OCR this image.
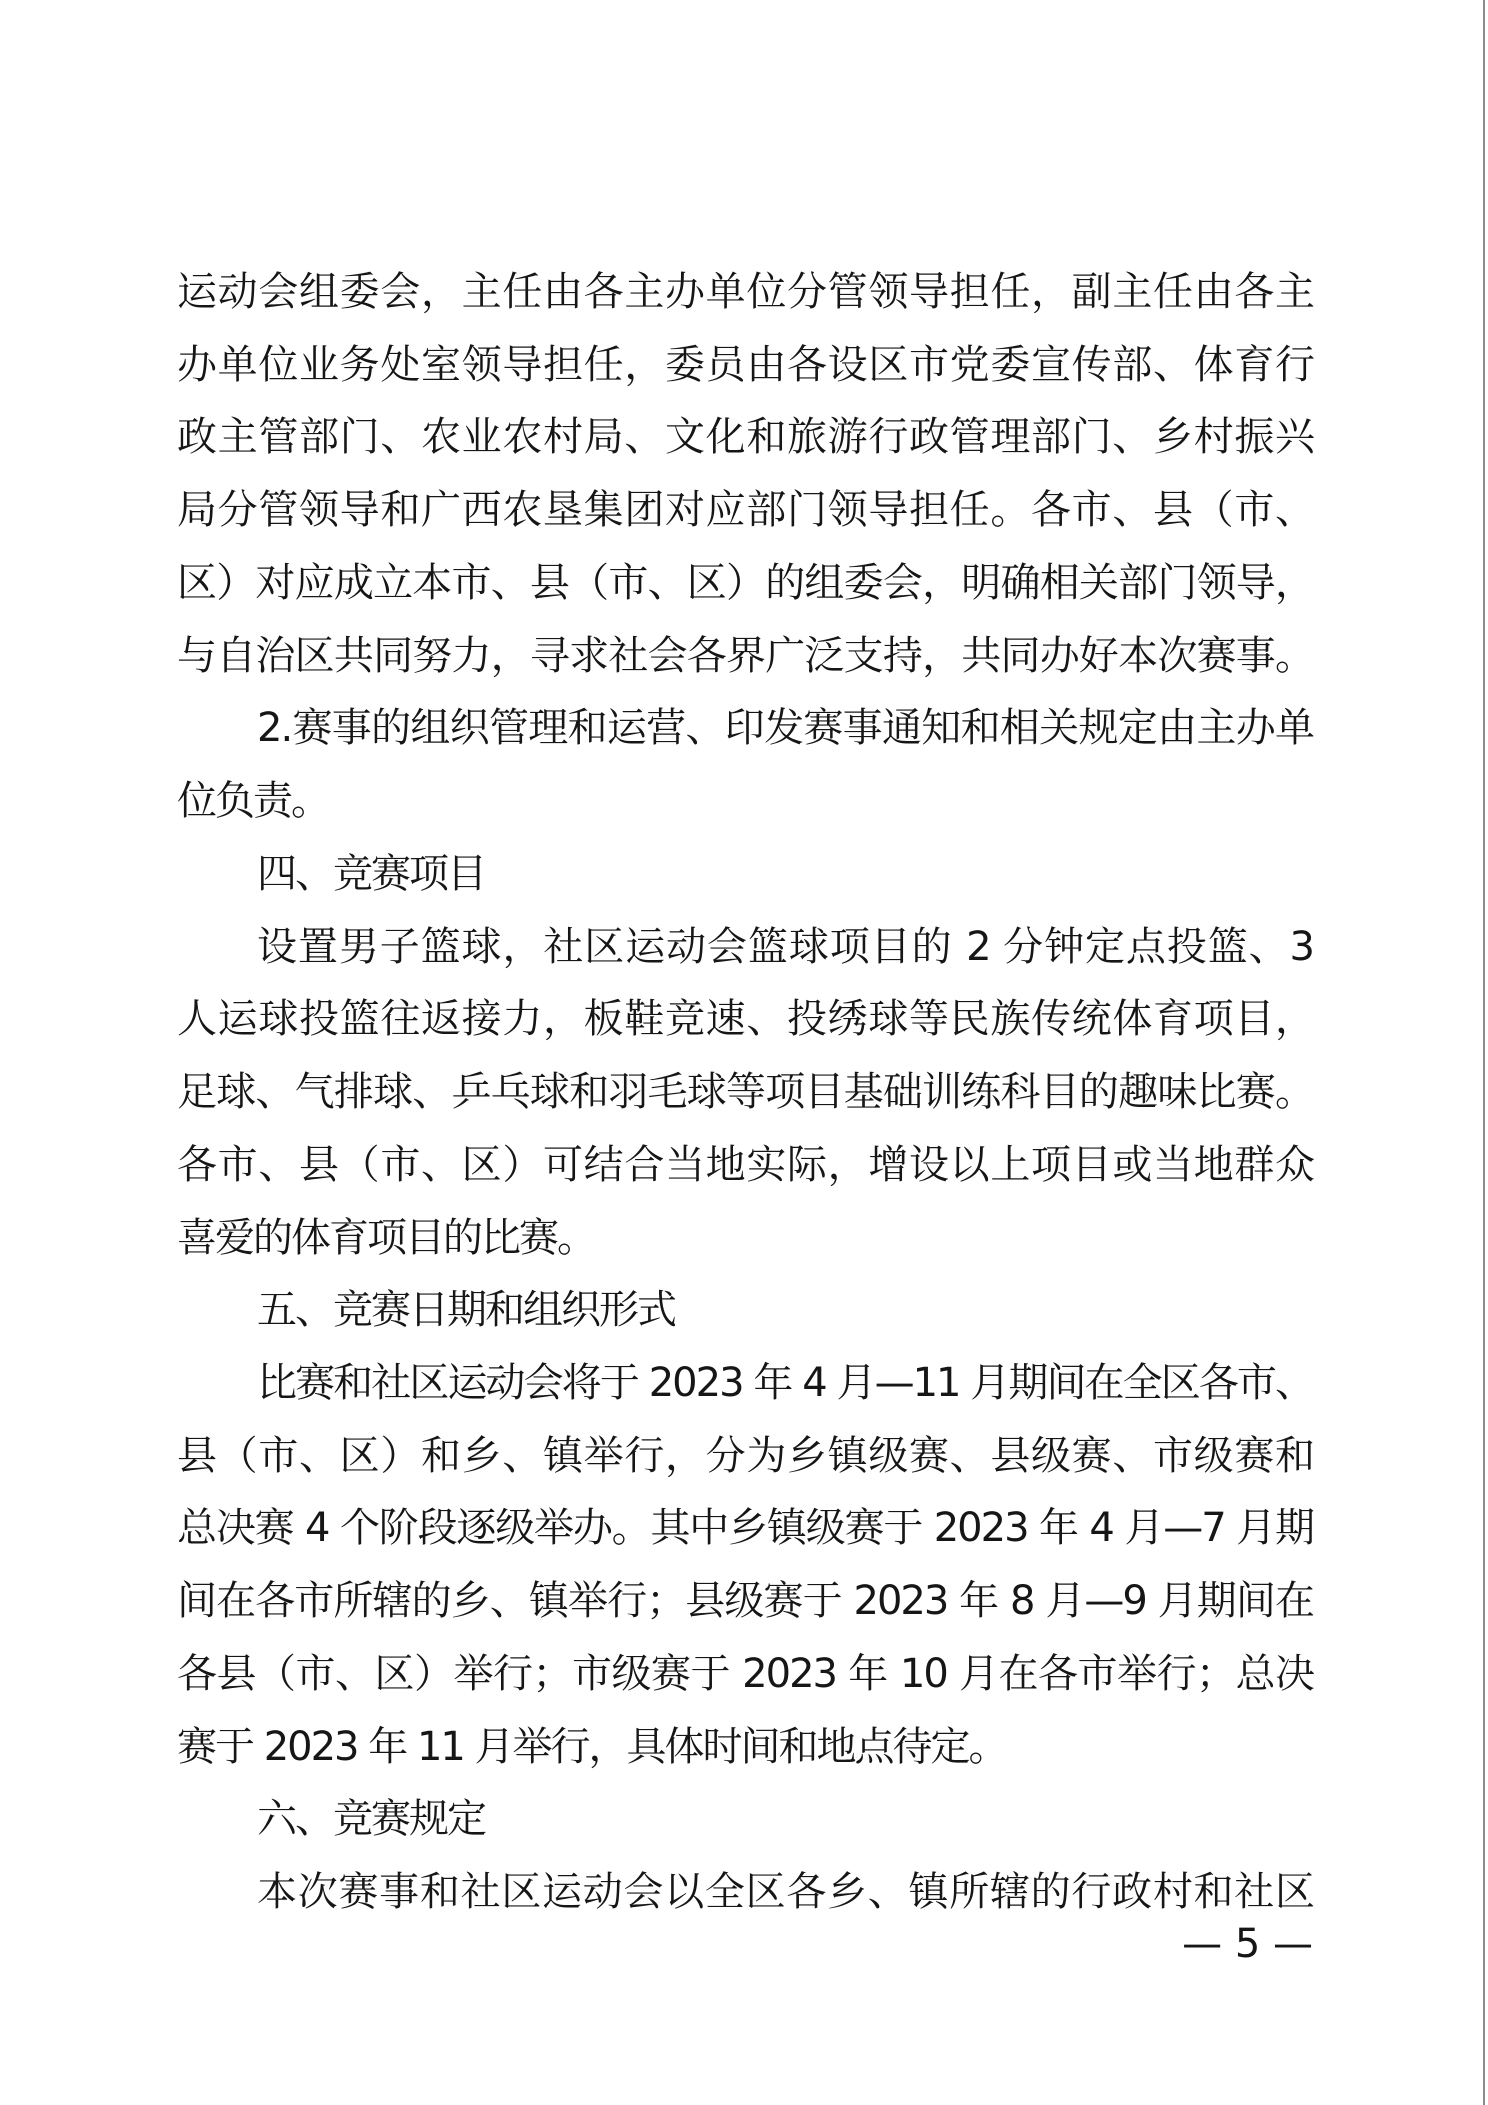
运动会组委会，主任由各主办单位分管领导担任，副主任由各主
办单位业务处室领导担任，委员由各设区市党委宣传部、体育行
政主管部门、农业农村局、文化和旅游行政管理部门、乡村振兴
局分管领导和广西农垦集团对应部门领导担任。各市、县（市、
区）对应成立本市、县（市、区）的组委会，明确相关部门领导，
与自治区共同努力，寻求社会各界广泛支持，共同办好本次赛事。
2.赛事的组织管理和运营、印发赛事通知和相关规定由主办单
位负责。
四、竞赛项目
设置男子篮球，社区运动会篮球项目的 2 分钟定点投篮、3
人运球投篮往返接力，板鞋竞速、投绣球等民族传统体育项目，
足球、气排球、乒乓球和羽毛球等项目基础训练科目的趣味比赛。
各市、县（市、区）可结合当地实际，增设以上项目或当地群众
喜爱的体育项目的比赛。
五、竞赛日期和组织形式
比赛和社区运动会将于 2023 年 4 月—11 月期间在全区各市、
县（市、区）和乡、镇举行，分为乡镇级赛、县级赛、市级赛和
总决赛 4 个阶段逐级举办。其中乡镇级赛于 2023 年 4 月—7 月期
间在各市所辖的乡、镇举行；县级赛于 2023 年 8 月—9 月期间在
各县（市、区）举行；市级赛于 2023 年 10 月在各市举行；总决
赛于 2023 年 11 月举行，具体时间和地点待定。
六、竞赛规定
本次赛事和社区运动会以全区各乡、镇所辖的行政村和社区
— 5 —
